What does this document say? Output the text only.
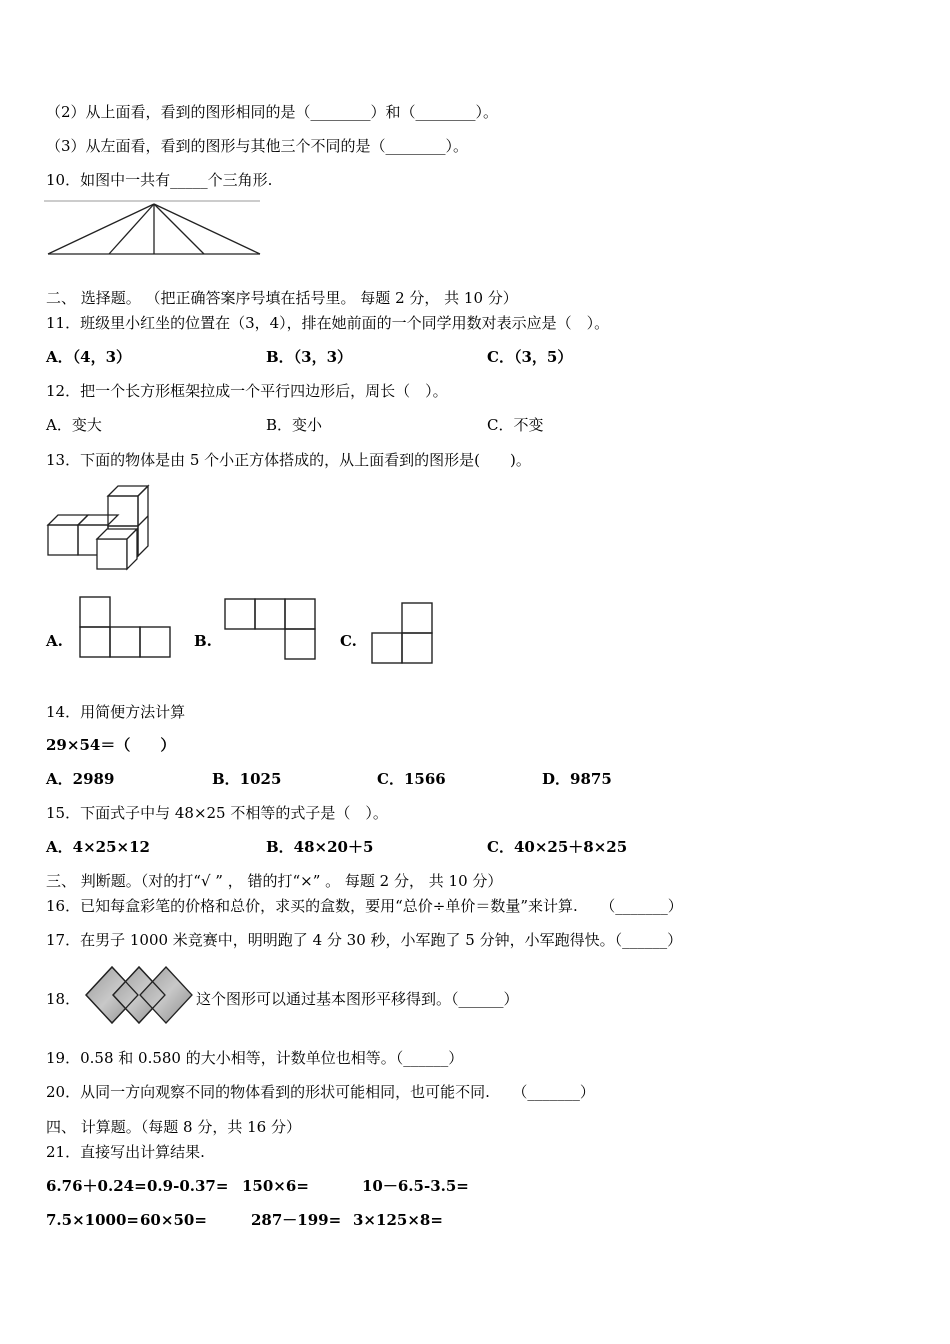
（2）从上面看，看到的图形相同的是（________）和（________）。
（3）从左面看，看到的图形与其他三个不同的是（________）。
10．如图中一共有_____个三角形.
二、 选择题。 （把正确答案序号填在括号里。 每题 2 分， 共 10 分）
11．班级里小红坐的位置在（3，4），排在她前面的一个同学用数对表示应是（　）。
A．（4，3）	B．（3，3）	C．（3，5）
12．把一个长方形框架拉成一个平行四边形后，周长（　）。
A．变大	B．变小	C．不变
13．下面的物体是由 5 个小正方体搭成的，从上面看到的图形是(　　)。
A.	B.	C.
14．用简便方法计算
29×54＝（　　）
A．2989	B．1025	C．1566	D．9875
15．下面式子中与 48×25 不相等的式子是（　）。
A．4×25×12	B．48×20＋5	C．40×25＋8×25
三、 判断题。（对的打“√ ” ， 错的打“×” 。 每题 2 分， 共 10 分）
16．已知每盒彩笔的价格和总价，求买的盒数，要用“总价÷单价＝数量”来计算.　　（_______）
17．在男子 1000 米竞赛中，明明跑了 4 分 30 秒，小军跑了 5 分钟，小军跑得快。（______）
18．	这个图形可以通过基本图形平移得到。（______）
19．0.58 和 0.580 的大小相等，计数单位也相等。（______）
20．从同一方向观察不同的物体看到的形状可能相同，也可能不同.　　（_______）
四、 计算题。（每题 8 分，共 16 分）
21．直接写出计算结果.
6.76＋0.24= 0.9-0.37= 150×6=	10－6.5-3.5=
7.5×1000= 60×50=	287－199= 3×125×8=
